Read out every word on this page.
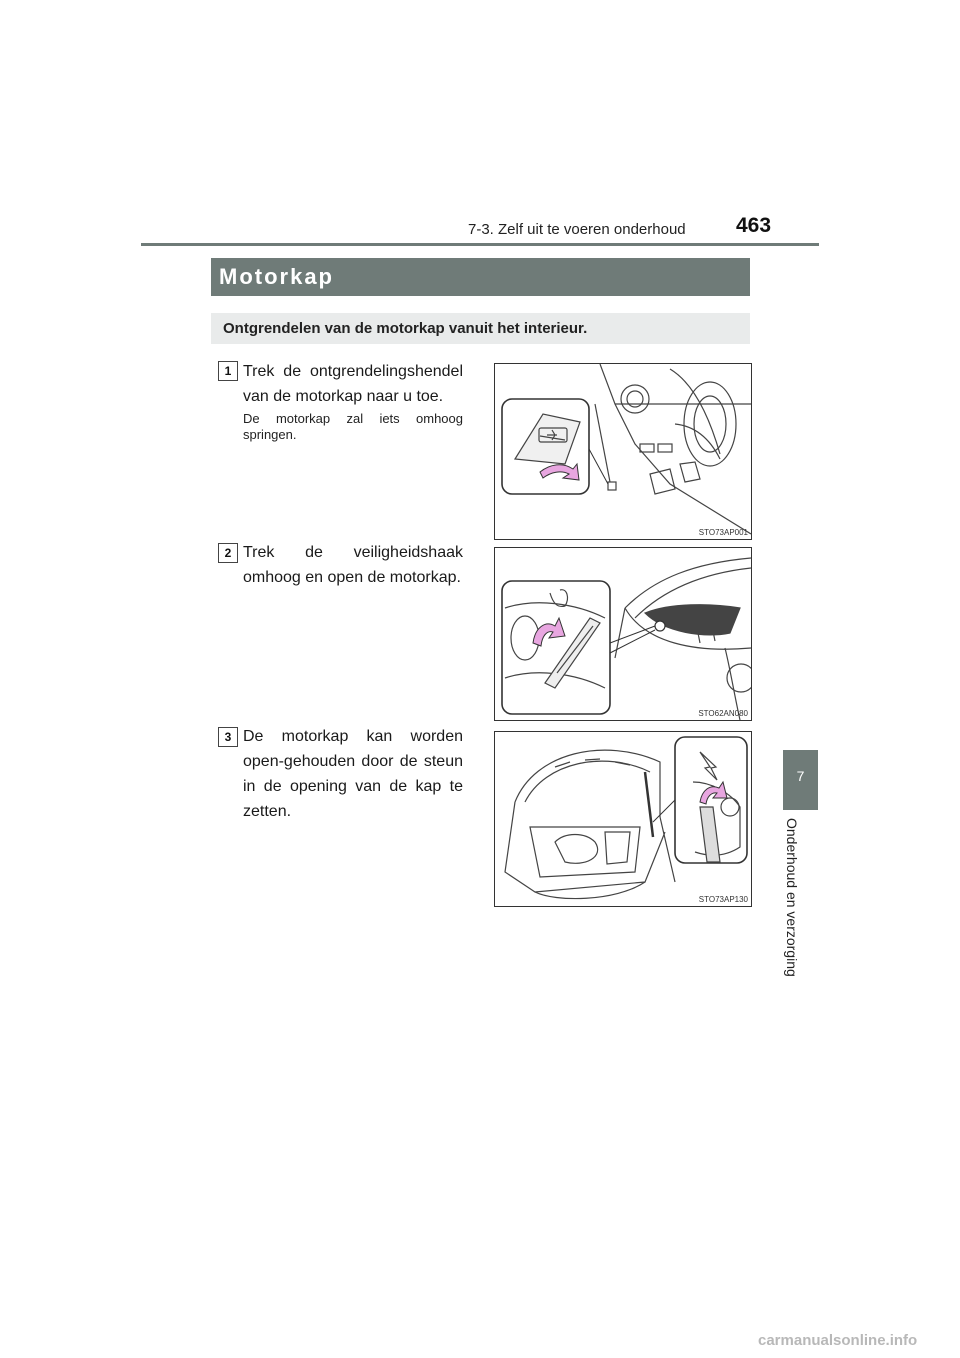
7-3. Zelf uit te voeren onderhoud 463
7
Onderhoud en verzorging
Motorkap
Ontgrendelen van de motorkap vanuit het interieur.
1 Trek de ontgrendelingshendel van de motorkap naar u toe.
De motorkap zal iets omhoog springen.
STO73AP001
2 Trek de veiligheidshaak omhoog en open de motorkap.
STO62AN080
3 De motorkap kan worden open-gehouden door de steun in de opening van de kap te zetten.
STO73AP130
carmanualsonline.info
